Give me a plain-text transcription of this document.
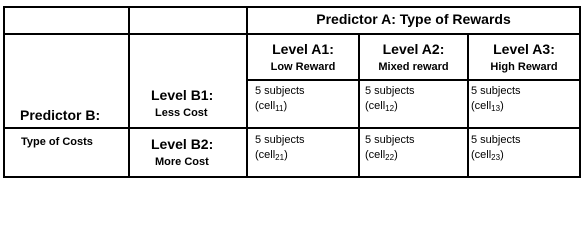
Predictor A: Type of Rewards
Level A1:
Low Reward
Level A2:
Mixed reward
Level A3:
High Reward
Predictor B:
Type of Costs
Level B1:
Less Cost
Level B2:
More Cost
5 subjects
(cell$_{11}$)
5 subjects
(cell$_{12}$)
5 subjects
(cell$_{13}$)
5 subjects
(cell$_{21}$)
5 subjects
(cell$_{22}$)
5 subjects
(cell$_{23}$)
